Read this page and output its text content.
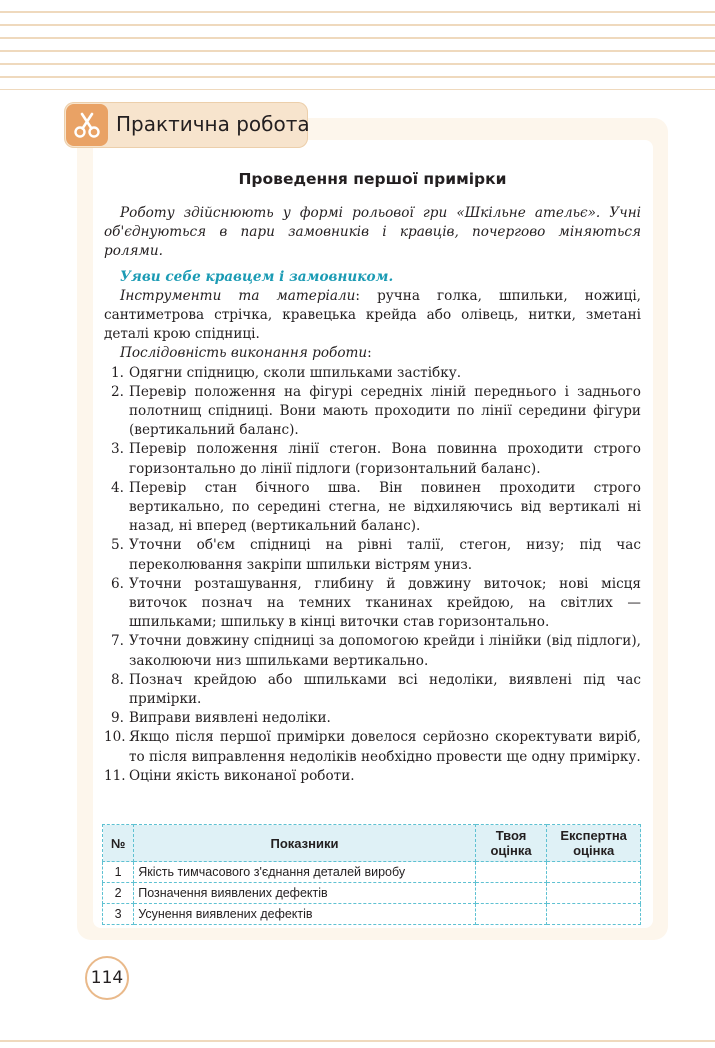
Практична робота
Проведення першої примірки

Роботу здійснюють у формі рольової гри «Шкільне ательє». Учні об'єднуються в пари замовників і кравців, почергово міняються ролями.

Уяви себе кравцем і замовником.

Інструменти та матеріали: ручна голка, шпильки, ножиці, сантиметрова стрічка, кравецька крейда або олівець, нитки, зметані деталі крою спідниці.

Послідовність виконання роботи:

1. Одягни спідницю, сколи шпильками застібку.
2. Перевір положення на фігурі середніх ліній переднього і заднього полотнищ спідниці. Вони мають проходити по лінії середини фігури (вертикальний баланс).
3. Перевір положення лінії стегон. Вона повинна проходити строго горизонтально до лінії підлоги (горизонтальний баланс).
4. Перевір стан бічного шва. Він повинен проходити строго вертикально, по середині стегна, не відхиляючись від вертикалі ні назад, ні вперед (вертикальний баланс).
5. Уточни об'єм спідниці на рівні талії, стегон, низу; під час переколювання закріпи шпильки вістрям униз.
6. Уточни розташування, глибину й довжину виточок; нові місця виточок познач на темних тканинах крейдою, на світлих — шпильками; шпильку в кінці виточки став горизонтально.
7. Уточни довжину спідниці за допомогою крейди і лінійки (від підлоги), заколюючи низ шпильками вертикально.
8. Познач крейдою або шпильками всі недоліки, виявлені під час примірки.
9. Виправи виявлені недоліки.
10. Якщо після першої примірки довелося серйозно скоректувати виріб, то після виправлення недоліків необхідно провести ще одну примірку.
11. Оціни якість виконаної роботи.
№	Показники	Твоя оцінка	Експертна оцінка
1	Якість тимчасового з'єднання деталей виробу		
2	Позначення виявлених дефектів		
3	Усунення виявлених дефектів		
114
